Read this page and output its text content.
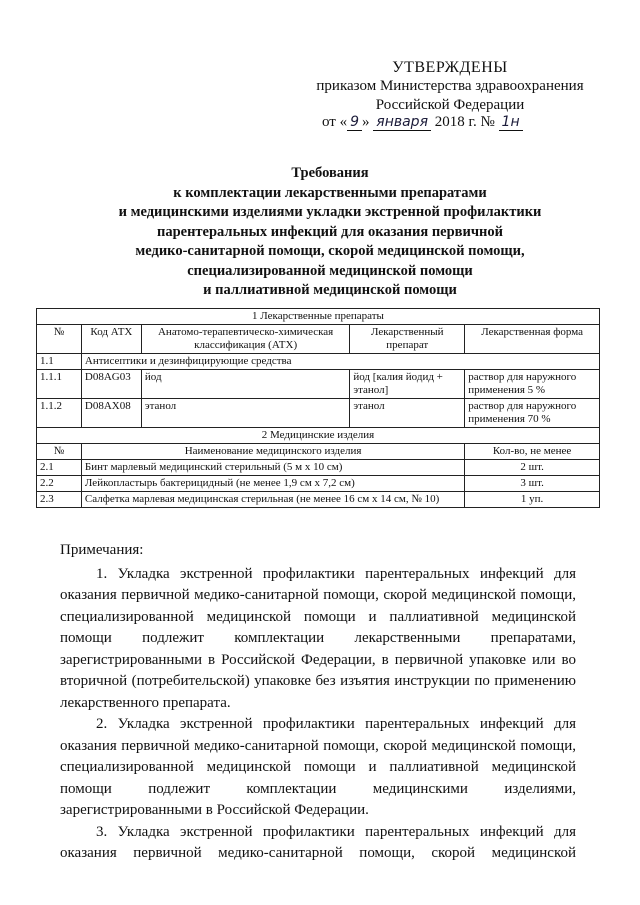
УТВЕРЖДЕНЫ
приказом Министерства здравоохранения
Российской Федерации
от « 9 » января 2018 г. № 1н
Требования
к комплектации лекарственными препаратами
и медицинскими изделиями укладки экстренной профилактики
парентеральных инфекций для оказания первичной
медико-санитарной помощи, скорой медицинской помощи,
специализированной медицинской помощи
и паллиативной медицинской помощи
1 Лекарственные препараты				
№	Код АТХ	Анатомо-терапевтическо-химическая классификация (АТХ)	Лекарственный препарат	Лекарственная форма
1.1	Антисептики и дезинфицирующие средства			
1.1.1	D08AG03	йод	йод [калия йодид + этанол]	раствор для наружного применения 5 %
1.1.2	D08AX08	этанол	этанол	раствор для наружного применения 70 %
2 Медицинские изделия				
№	Наименование медицинского изделия			Кол-во, не менее
2.1	Бинт марлевый медицинский стерильный (5 м х 10 см)			2 шт.
2.2	Лейкопластырь бактерицидный (не менее 1,9 см х 7,2 см)			3 шт.
2.3	Салфетка марлевая медицинская стерильная (не менее 16 см х 14 см, № 10)			1 уп.
Примечания:

1. Укладка экстренной профилактики парентеральных инфекций для оказания первичной медико-санитарной помощи, скорой медицинской помощи, специализированной медицинской помощи и паллиативной медицинской помощи подлежит комплектации лекарственными препаратами, зарегистрированными в Российской Федерации, в первичной упаковке или во вторичной (потребительской) упаковке без изъятия инструкции по применению лекарственного препарата.

2. Укладка экстренной профилактики парентеральных инфекций для оказания первичной медико-санитарной помощи, скорой медицинской помощи, специализированной медицинской помощи и паллиативной медицинской помощи подлежит комплектации медицинскими изделиями, зарегистрированными в Российской Федерации.

3. Укладка экстренной профилактики парентеральных инфекций для оказания первичной медико-санитарной помощи, скорой медицинской
